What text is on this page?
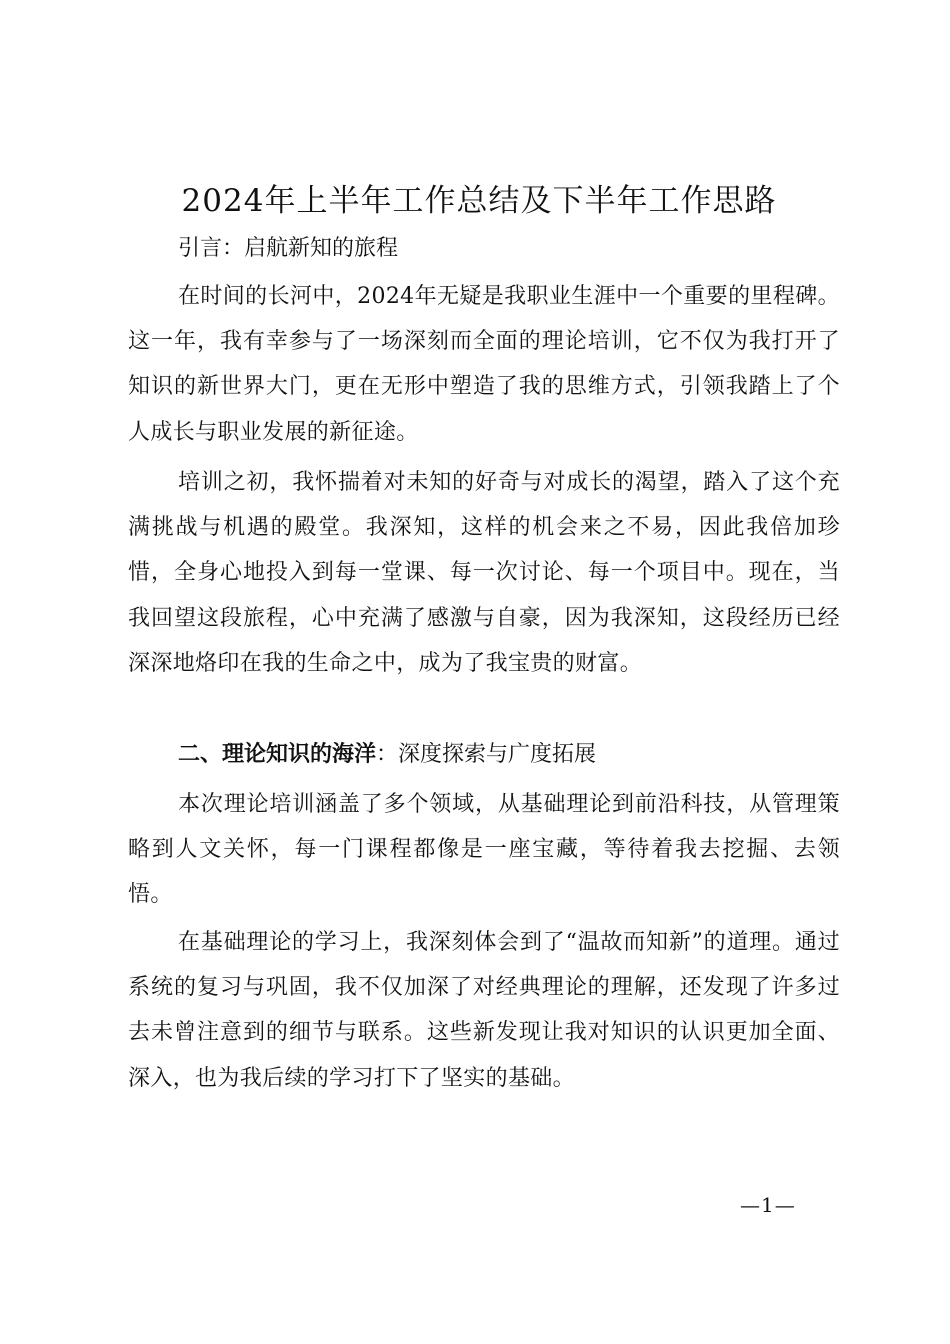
2024年上半年工作总结及下半年工作思路
引言：启航新知的旅程

在时间的长河中，2024年无疑是我职业生涯中一个重要的里程碑。这一年，我有幸参与了一场深刻而全面的理论培训，它不仅为我打开了知识的新世界大门，更在无形中塑造了我的思维方式，引领我踏上了个人成长与职业发展的新征途。

培训之初，我怀揣着对未知的好奇与对成长的渴望，踏入了这个充满挑战与机遇的殿堂。我深知，这样的机会来之不易，因此我倍加珍惜，全身心地投入到每一堂课、每一次讨论、每一个项目中。现在，当我回望这段旅程，心中充满了感激与自豪，因为我深知，这段经历已经深深地烙印在我的生命之中，成为了我宝贵的财富。

二、理论知识的海洋：深度探索与广度拓展

本次理论培训涵盖了多个领域，从基础理论到前沿科技，从管理策略到人文关怀，每一门课程都像是一座宝藏，等待着我去挖掘、去领悟。

在基础理论的学习上，我深刻体会到了“温故而知新”的道理。通过系统的复习与巩固，我不仅加深了对经典理论的理解，还发现了许多过去未曾注意到的细节与联系。这些新发现让我对知识的认识更加全面、深入，也为我后续的学习打下了坚实的基础。

—1—
